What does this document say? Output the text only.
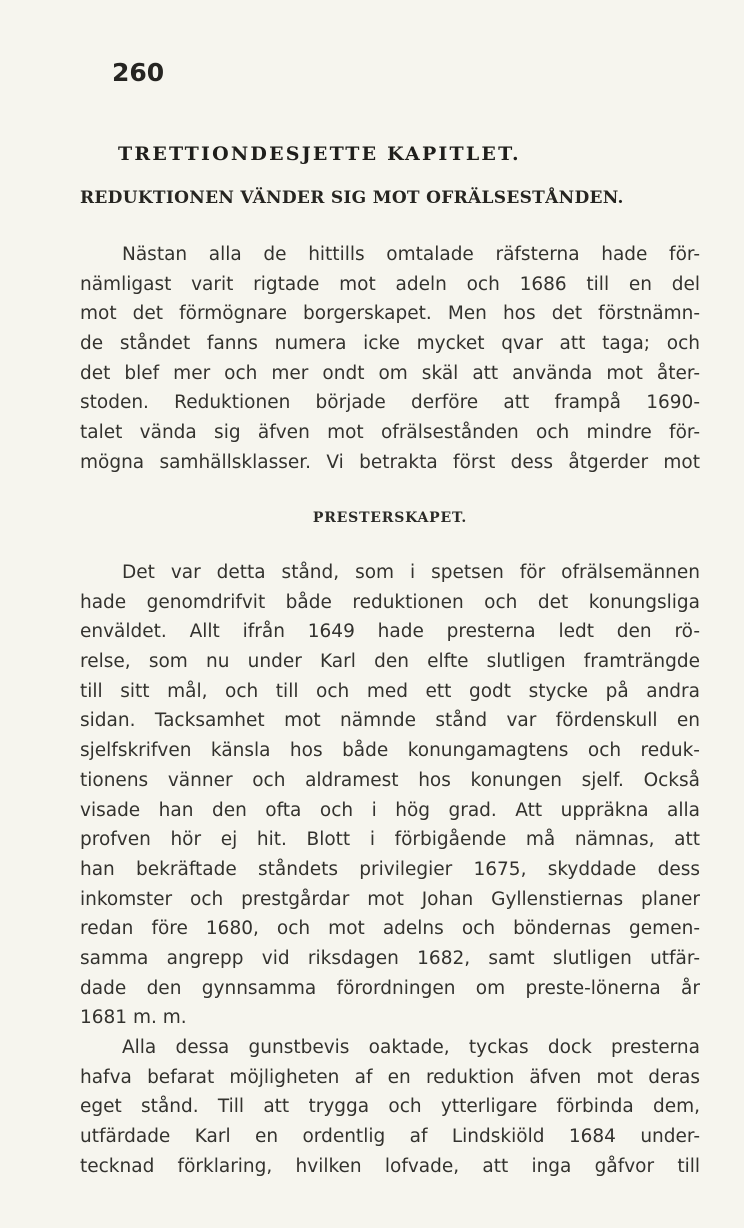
260
TRETTIONDESJETTE KAPITLET.
REDUKTIONEN VÄNDER SIG MOT OFRÄLSESTÅNDEN.
Nästan alla de hittills omtalade räfsterna hade för-
nämligast varit rigtade mot adeln och 1686 till en del
mot det förmögnare borgerskapet. Men hos det förstnämn-
de ståndet fanns numera icke mycket qvar att taga; och
det blef mer och mer ondt om skäl att använda mot åter-
stoden. Reduktionen började derföre att frampå 1690-
talet vända sig äfven mot ofrälsestånden och mindre för-
mögna samhällsklasser. Vi betrakta först dess åtgerder mot
PRESTERSKAPET.
Det var detta stånd, som i spetsen för ofrälsemännen
hade genomdrifvit både reduktionen och det konungsliga
enväldet. Allt ifrån 1649 hade presterna ledt den rö-
relse, som nu under Karl den elfte slutligen framträngde
till sitt mål, och till och med ett godt stycke på andra
sidan. Tacksamhet mot nämnde stånd var fördenskull en
sjelfskrifven känsla hos både konungamagtens och reduk-
tionens vänner och aldramest hos konungen sjelf. Också
visade han den ofta och i hög grad. Att uppräkna alla
profven hör ej hit. Blott i förbigående må nämnas, att
han bekräftade ståndets privilegier 1675, skyddade dess
inkomster och prestgårdar mot Johan Gyllenstiernas planer
redan före 1680, och mot adelns och böndernas gemen-
samma angrepp vid riksdagen 1682, samt slutligen utfär-
dade den gynnsamma förordningen om preste-lönerna år
1681 m. m.
Alla dessa gunstbevis oaktade, tyckas dock presterna
hafva befarat möjligheten af en reduktion äfven mot deras
eget stånd. Till att trygga och ytterligare förbinda dem,
utfärdade Karl en ordentlig af Lindskiöld 1684 under-
tecknad förklaring, hvilken lofvade, att inga gåfvor till
